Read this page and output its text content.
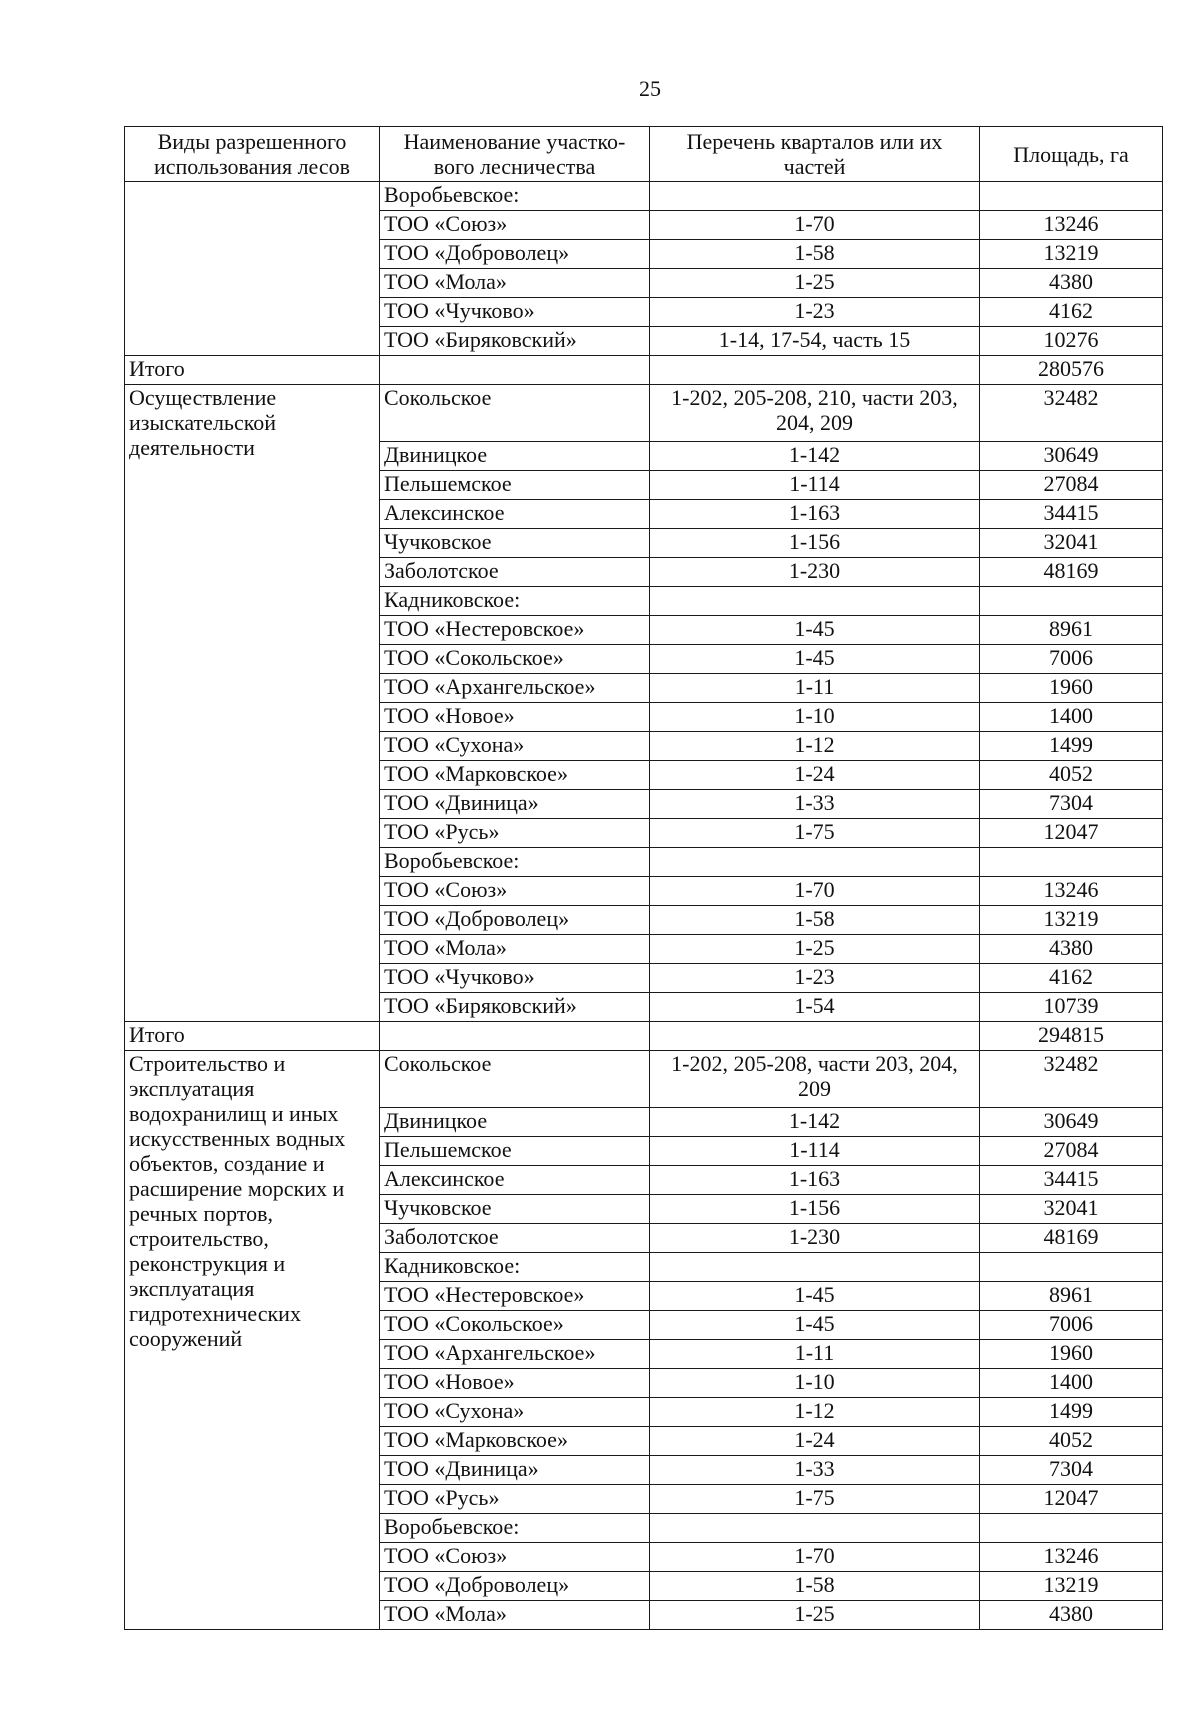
25
Виды разрешенного использования лесов	Наименование участко-вого лесничества	Перечень кварталов или их частей	Площадь, га
	Воробьевское:		
	ТОО «Союз»	1-70	13246
	ТОО «Доброволец»	1-58	13219
	ТОО «Мола»	1-25	4380
	ТОО «Чучково»	1-23	4162
	ТОО «Биряковский»	1-14, 17-54, часть 15	10276
Итого			280576
Осуществление изыскательской деятельности	Сокольское	1-202, 205-208, 210, части 203, 204, 209	32482
	Двиницкое	1-142	30649
	Пельшемское	1-114	27084
	Алексинское	1-163	34415
	Чучковское	1-156	32041
	Заболотское	1-230	48169
	Кадниковское:		
	ТОО «Нестеровское»	1-45	8961
	ТОО «Сокольское»	1-45	7006
	ТОО «Архангельское»	1-11	1960
	ТОО «Новое»	1-10	1400
	ТОО «Сухона»	1-12	1499
	ТОО «Марковское»	1-24	4052
	ТОО «Двиница»	1-33	7304
	ТОО «Русь»	1-75	12047
	Воробьевское:		
	ТОО «Союз»	1-70	13246
	ТОО «Доброволец»	1-58	13219
	ТОО «Мола»	1-25	4380
	ТОО «Чучково»	1-23	4162
	ТОО «Биряковский»	1-54	10739
Итого			294815
Строительство и эксплуатация водохранилищ и иных искусственных водных объектов, создание и расширение морских и речных портов, строительство, реконструкция и эксплуатация гидротехнических сооружений	Сокольское	1-202, 205-208, части 203, 204, 209	32482
	Двиницкое	1-142	30649
	Пельшемское	1-114	27084
	Алексинское	1-163	34415
	Чучковское	1-156	32041
	Заболотское	1-230	48169
	Кадниковское:		
	ТОО «Нестеровское»	1-45	8961
	ТОО «Сокольское»	1-45	7006
	ТОО «Архангельское»	1-11	1960
	ТОО «Новое»	1-10	1400
	ТОО «Сухона»	1-12	1499
	ТОО «Марковское»	1-24	4052
	ТОО «Двиница»	1-33	7304
	ТОО «Русь»	1-75	12047
	Воробьевское:		
	ТОО «Союз»	1-70	13246
	ТОО «Доброволец»	1-58	13219
	ТОО «Мола»	1-25	4380
